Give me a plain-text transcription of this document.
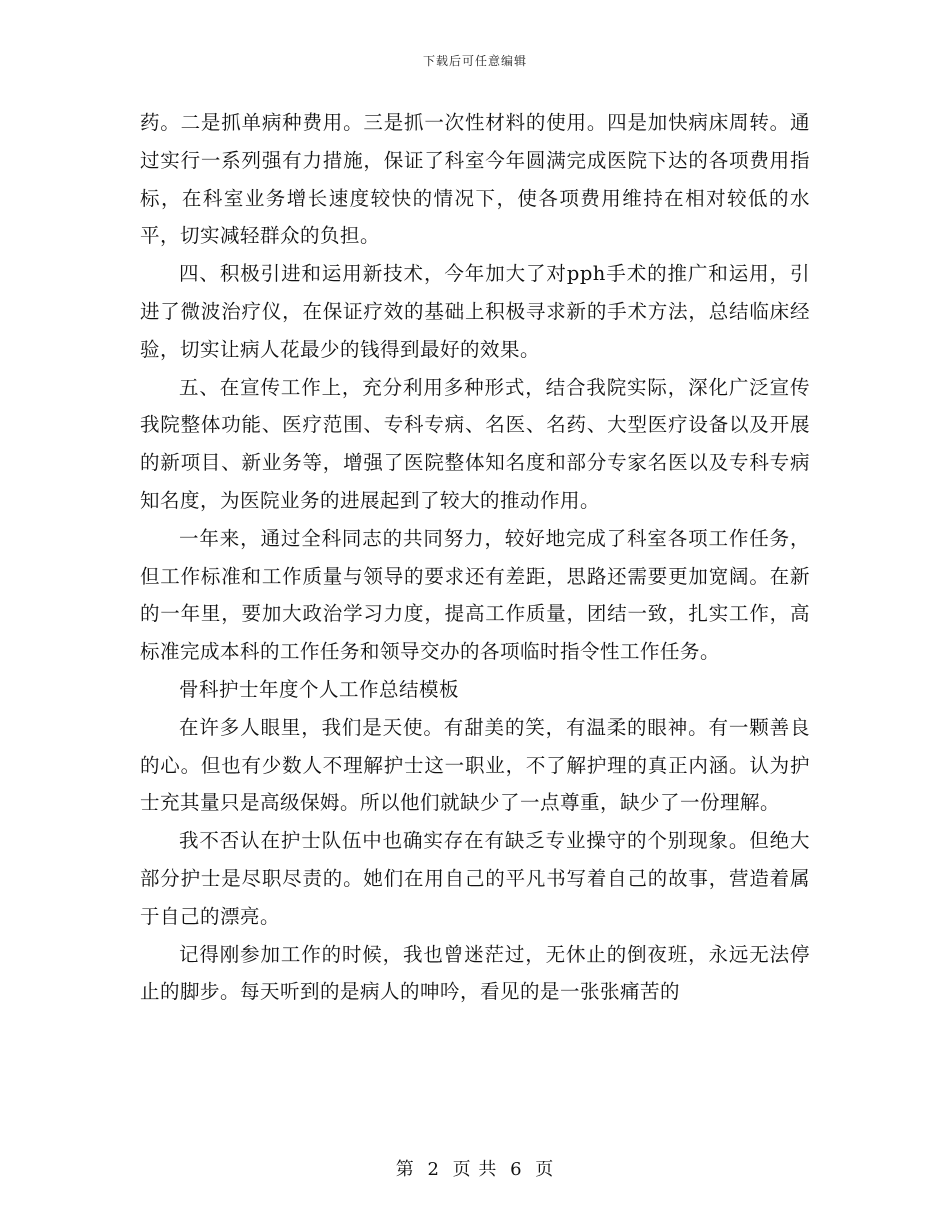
下载后可任意编辑

药。二是抓单病种费用。三是抓一次性材料的使用。四是加快病床周转。通过实行一系列强有力措施，保证了科室今年圆满完成医院下达的各项费用指标，在科室业务增长速度较快的情况下，使各项费用维持在相对较低的水平，切实减轻群众的负担。

四、积极引进和运用新技术，今年加大了对pph手术的推广和运用，引进了微波治疗仪，在保证疗效的基础上积极寻求新的手术方法，总结临床经验，切实让病人花最少的钱得到最好的效果。

五、在宣传工作上，充分利用多种形式，结合我院实际，深化广泛宣传我院整体功能、医疗范围、专科专病、名医、名药、大型医疗设备以及开展的新项目、新业务等，增强了医院整体知名度和部分专家名医以及专科专病知名度，为医院业务的进展起到了较大的推动作用。

一年来，通过全科同志的共同努力，较好地完成了科室各项工作任务，但工作标准和工作质量与领导的要求还有差距，思路还需要更加宽阔。在新的一年里，要加大政治学习力度，提高工作质量，团结一致，扎实工作，高标准完成本科的工作任务和领导交办的各项临时指令性工作任务。

骨科护士年度个人工作总结模板

在许多人眼里，我们是天使。有甜美的笑，有温柔的眼神。有一颗善良的心。但也有少数人不理解护士这一职业，不了解护理的真正内涵。认为护士充其量只是高级保姆。所以他们就缺少了一点尊重，缺少了一份理解。

我不否认在护士队伍中也确实存在有缺乏专业操守的个别现象。但绝大部分护士是尽职尽责的。她们在用自己的平凡书写着自己的故事，营造着属于自己的漂亮。

记得刚参加工作的时候，我也曾迷茫过，无休止的倒夜班，永远无法停止的脚步。每天听到的是病人的呻吟，看见的是一张张痛苦的

第 2 页 共 6 页
